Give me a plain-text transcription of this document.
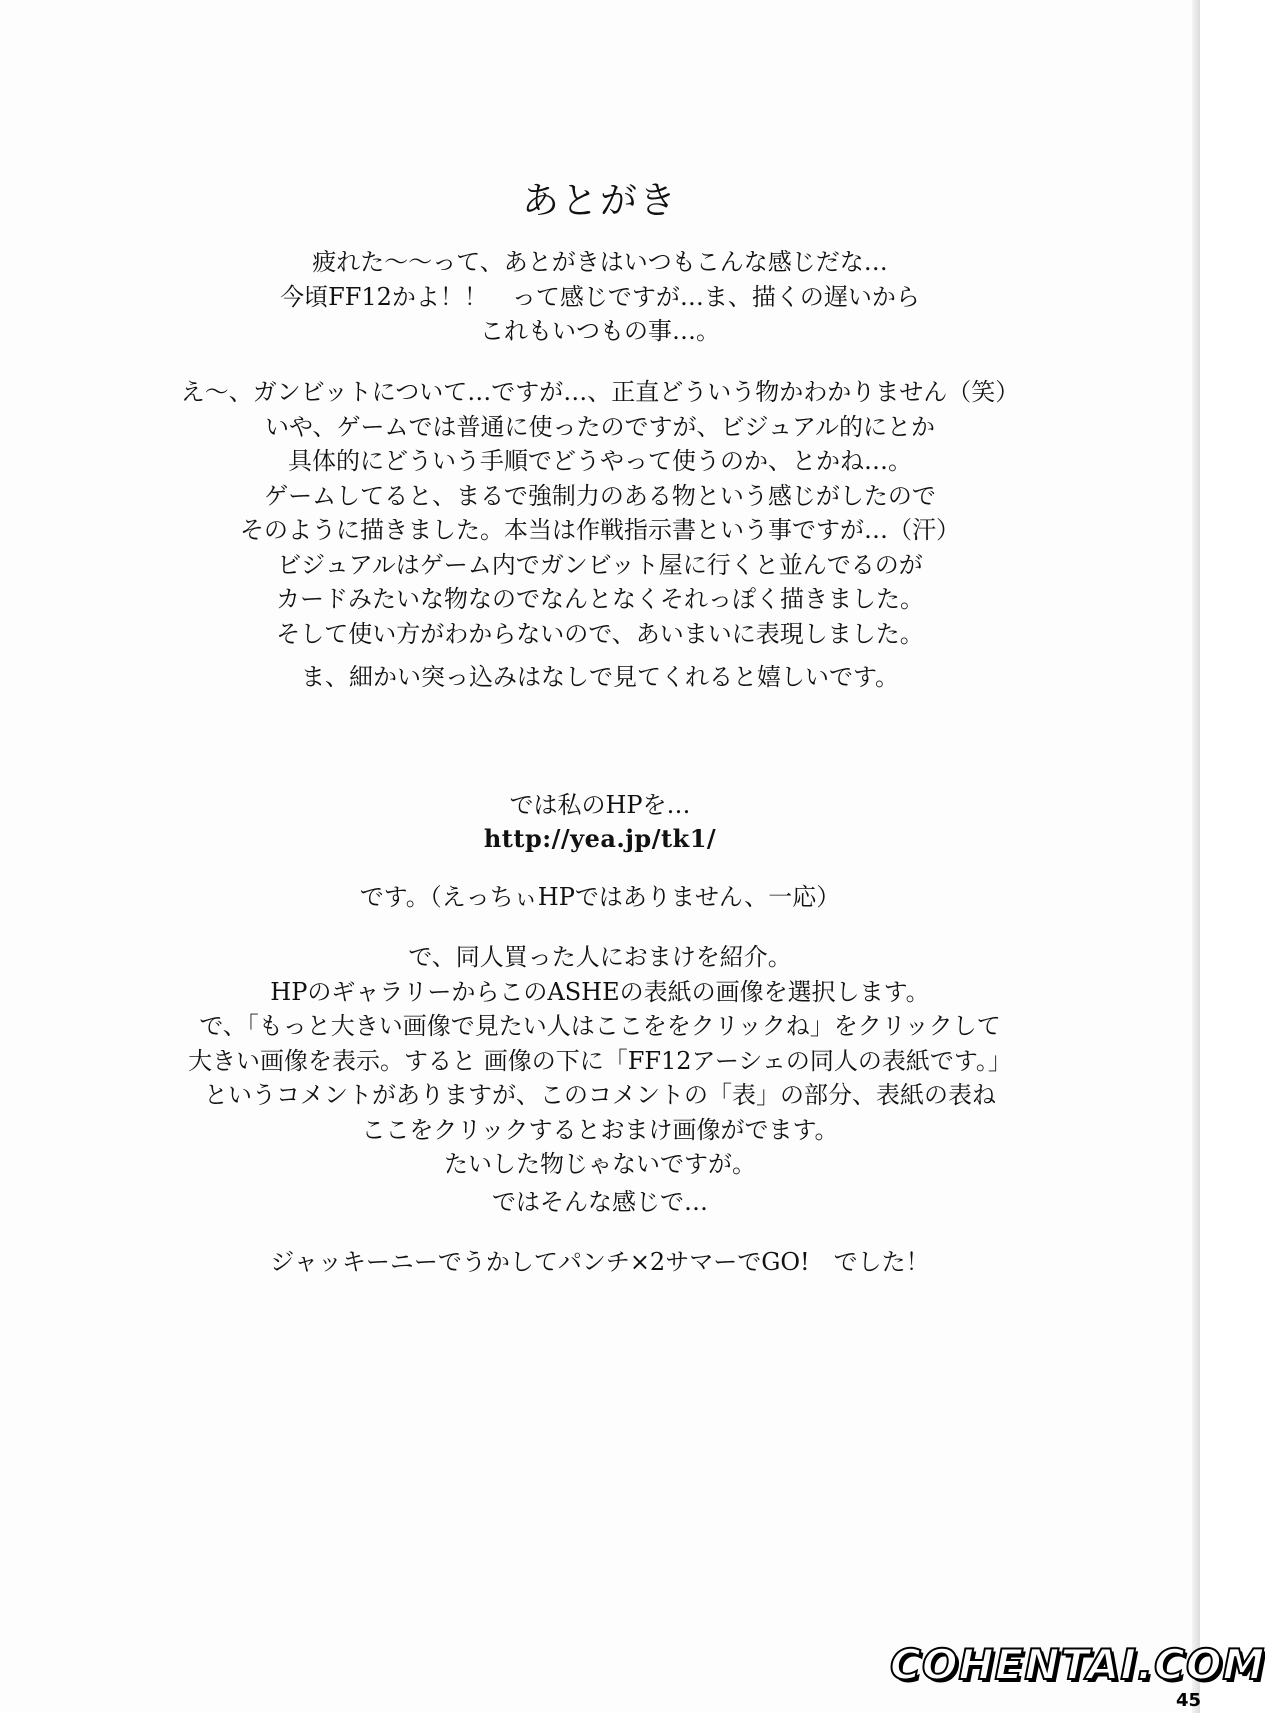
あとがき
疲れた～～って、あとがきはいつもこんな感じだな…
今頃FF12かよ！！　って感じですが…ま、描くの遅いから
これもいつもの事…。
え～、ガンビットについて…ですが…、正直どういう物かわかりません（笑）
いや、ゲームでは普通に使ったのですが、ビジュアル的にとか
具体的にどういう手順でどうやって使うのか、とかね…。
ゲームしてると、まるで強制力のある物という感じがしたので
そのように描きました。本当は作戦指示書という事ですが…（汗）
ビジュアルはゲーム内でガンビット屋に行くと並んでるのが
カードみたいな物なのでなんとなくそれっぽく描きました。
そして使い方がわからないので、あいまいに表現しました。
ま、細かい突っ込みはなしで見てくれると嬉しいです。
では私のHPを…
http://yea.jp/tk1/
です。（えっちぃHPではありません、一応）
で、同人買った人におまけを紹介。
HPのギャラリーからこのASHEの表紙の画像を選択します。
で、「もっと大きい画像で見たい人はここををクリックね」をクリックして
大きい画像を表示。すると 画像の下に「FF12アーシェの同人の表紙です。」
というコメントがありますが、このコメントの「表」の部分、表紙の表ね
ここをクリックするとおまけ画像がでます。
たいした物じゃないですが。
ではそんな感じで…
ジャッキーニーでうかしてパンチ×2サマーでGO!　でした！
COHENTAI.COM
45
